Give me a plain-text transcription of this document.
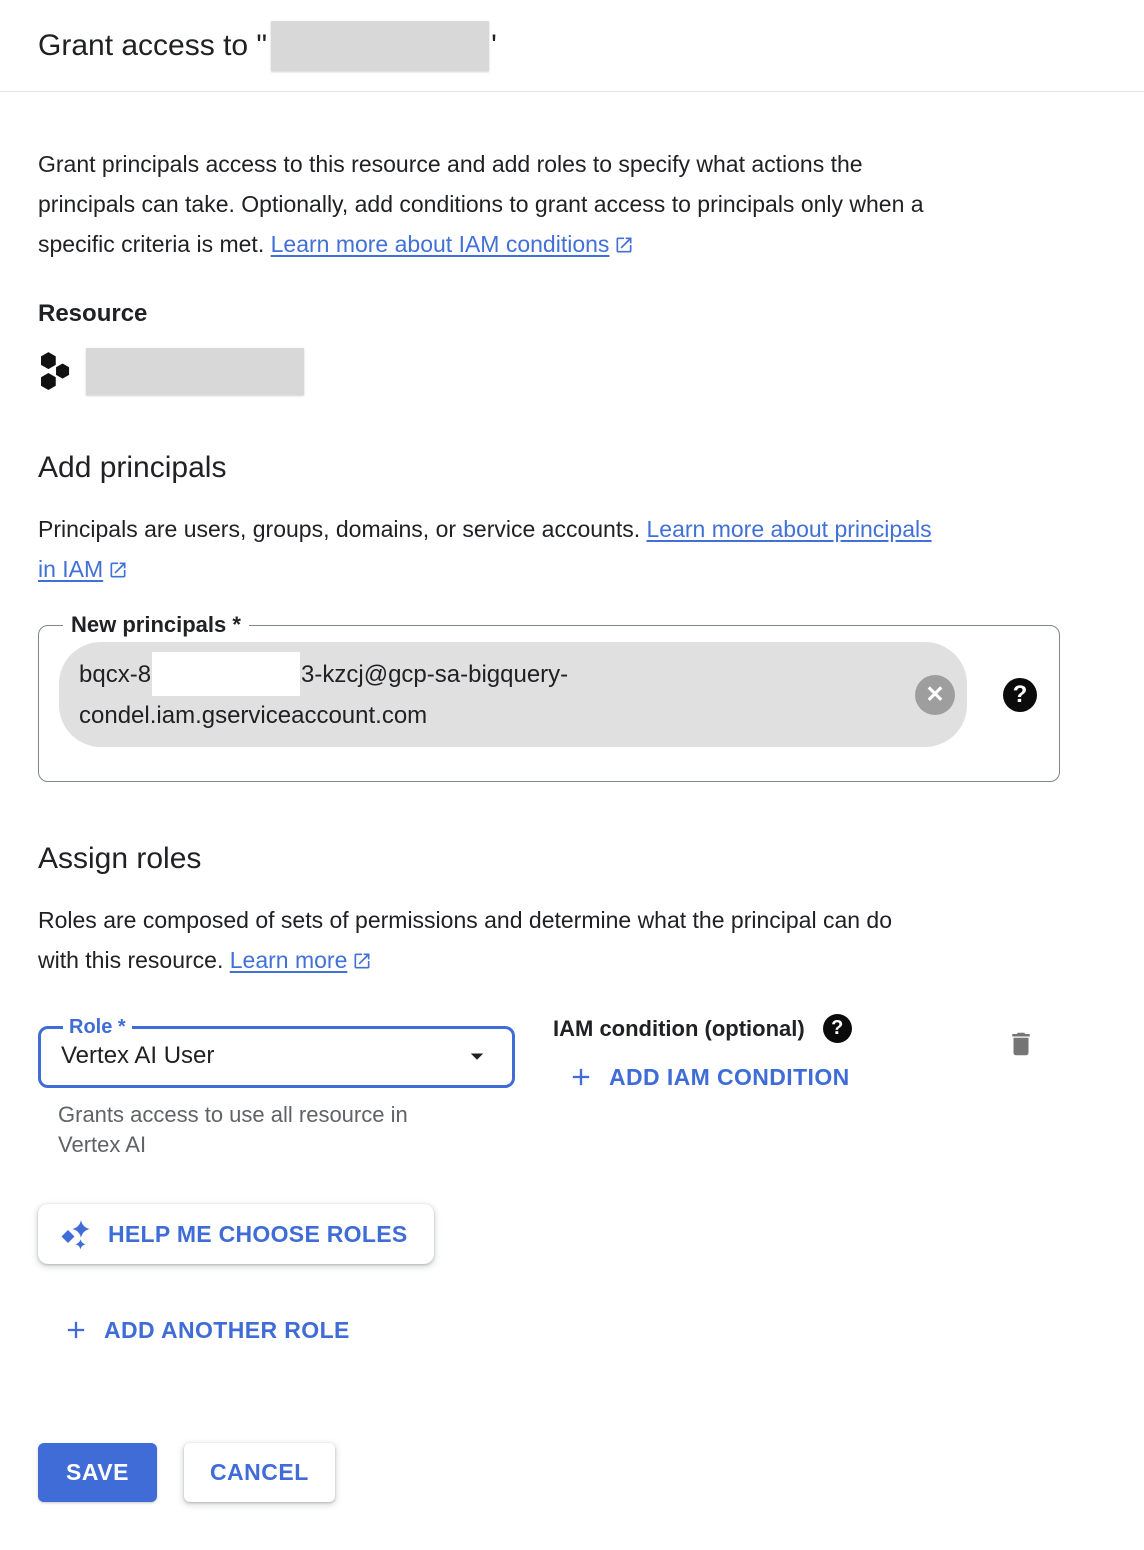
Grant access to "	'

Grant principals access to this resource and add roles to specify what actions the
principals can take. Optionally, add conditions to grant access to principals only when a
specific criteria is met. Learn more about IAM conditions

Resource
Add principals

Principals are users, groups, domains, or service accounts. Learn more about principals
in IAM

New principals *
bqcx-8	3-kzcj@gcp-sa-bigquery-
condel.iam.gserviceaccount.com
✕	?
Assign roles

Roles are composed of sets of permissions and determine what the principal can do
with this resource. Learn more

Role *
Vertex AI User
Grants access to use all resource in
Vertex AI
IAM condition (optional)	?
ADD IAM CONDITION
HELP ME CHOOSE ROLES
ADD ANOTHER ROLE
SAVE	CANCEL
